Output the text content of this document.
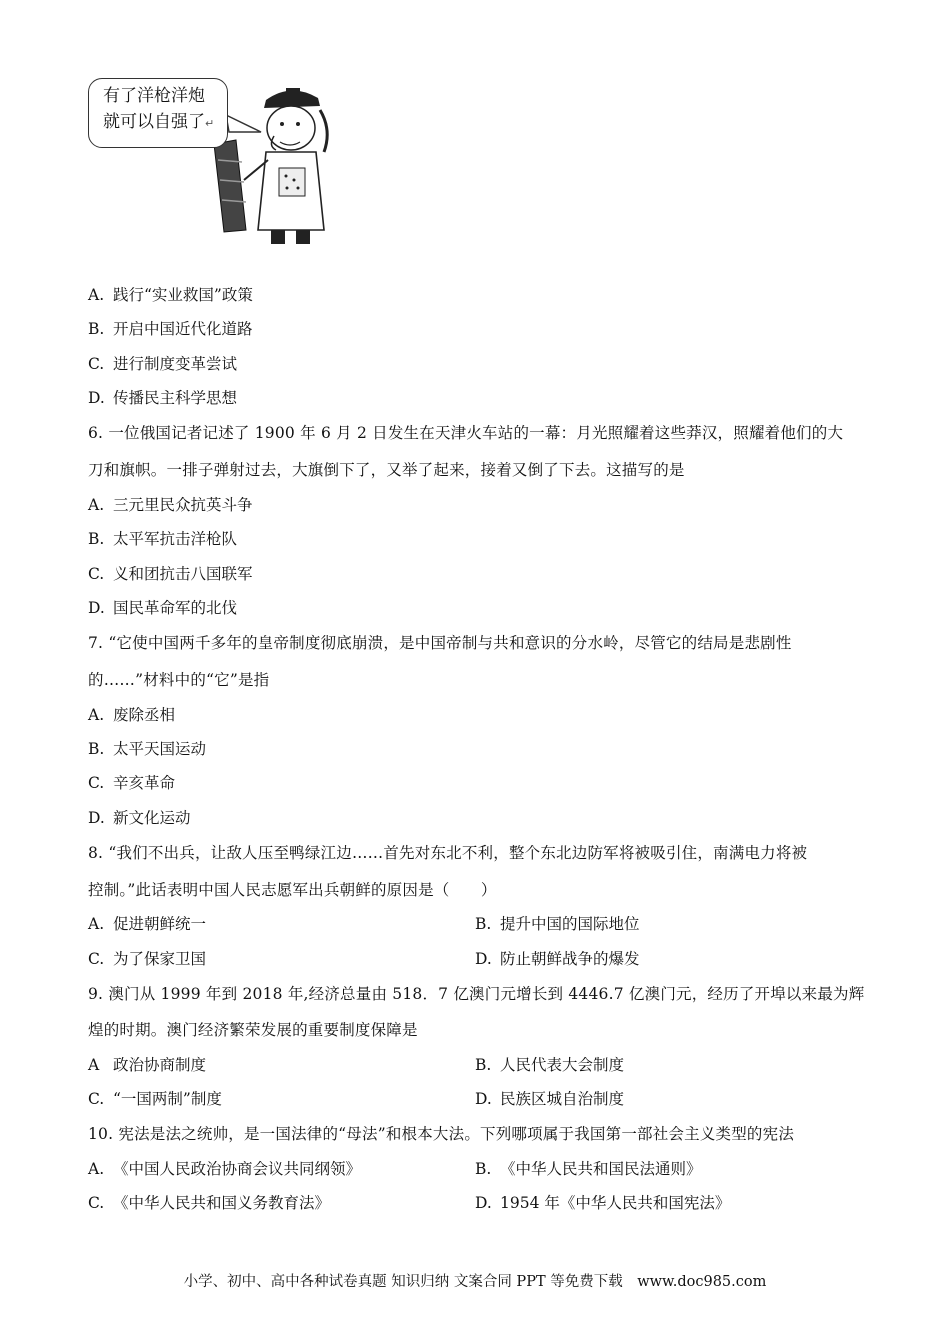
有了洋枪洋炮
就可以自强了↵
A. 践行“实业救国”政策
B. 开启中国近代化道路
C. 进行制度变革尝试
D. 传播民主科学思想
6. 一位俄国记者记述了 1900 年 6 月 2 日发生在天津火车站的一幕：月光照耀着这些莽汉，照耀着他们的大
刀和旗帜。一排子弹射过去，大旗倒下了，又举了起来，接着又倒了下去。这描写的是
A. 三元里民众抗英斗争
B. 太平军抗击洋枪队
C. 义和团抗击八国联军
D. 国民革命军的北伐
7. “它使中国两千多年的皇帝制度彻底崩溃，是中国帝制与共和意识的分水岭，尽管它的结局是悲剧性
的……”材料中的“它”是指
A. 废除丞相
B. 太平天国运动
C. 辛亥革命
D. 新文化运动
8. “我们不出兵，让敌人压至鸭绿江边……首先对东北不利，整个东北边防军将被吸引住，南满电力将被
控制。”此话表明中国人民志愿军出兵朝鲜的原因是（　　）
A. 促进朝鲜统一	B. 提升中国的国际地位
C. 为了保家卫国	D. 防止朝鲜战争的爆发
9. 澳门从 1999 年到 2018 年,经济总量由 518．7 亿澳门元增长到 4446.7 亿澳门元，经历了开埠以来最为辉
煌的时期。澳门经济繁荣发展的重要制度保障是
A 政治协商制度	B. 人民代表大会制度
C. “一国两制”制度	D. 民族区城自治制度
10. 宪法是法之统帅，是一国法律的“母法”和根本大法。下列哪项属于我国第一部社会主义类型的宪法
A. 《中国人民政治协商会议共同纲领》	B. 《中华人民共和国民法通则》
C. 《中华人民共和国义务教育法》	D. 1954 年《中华人民共和国宪法》
小学、初中、高中各种试卷真题 知识归纳 文案合同 PPT 等免费下载　www.doc985.com
